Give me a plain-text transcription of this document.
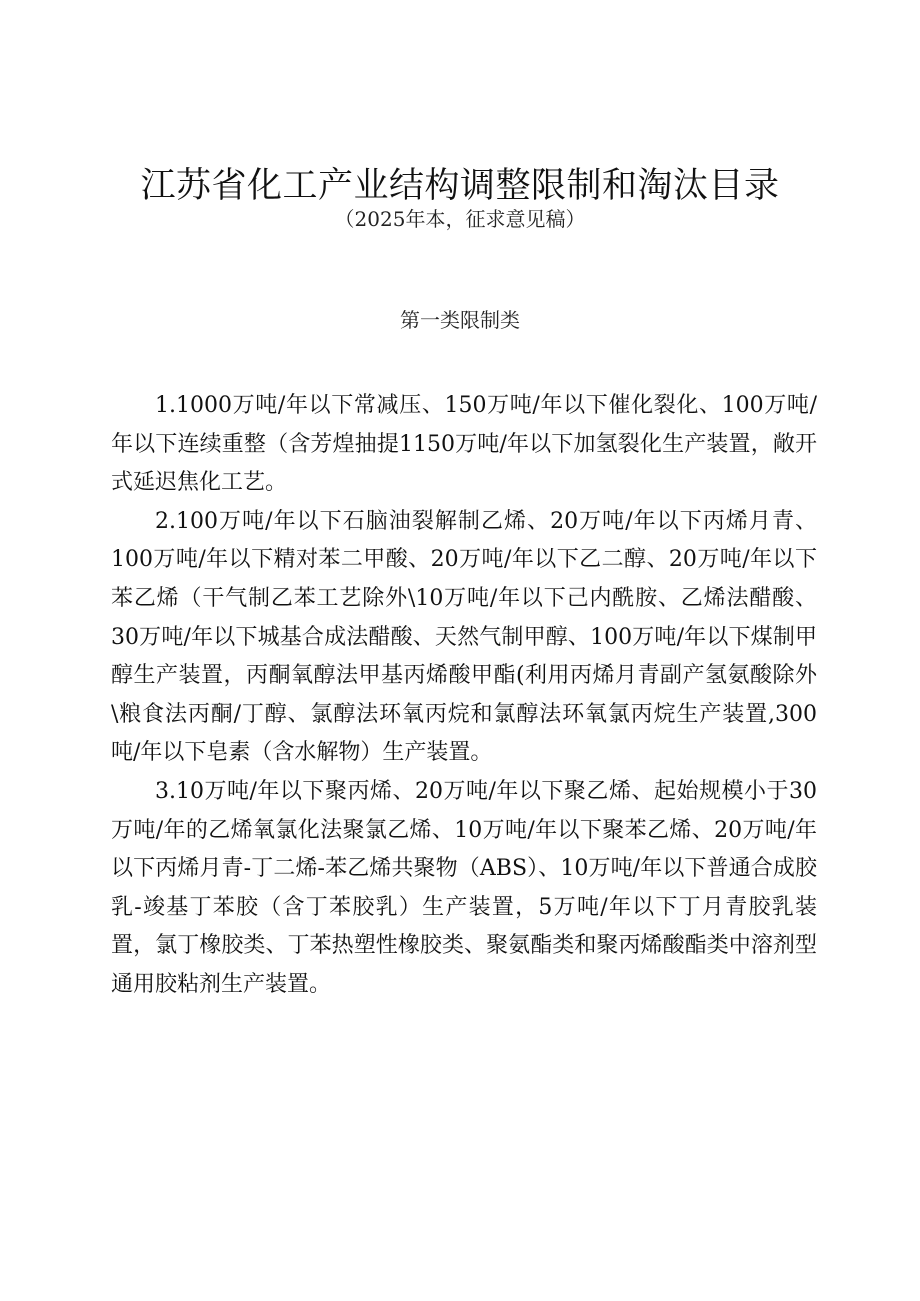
江苏省化工产业结构调整限制和淘汰目录
（2025年本，征求意见稿）
第一类限制类

1.1000万吨/年以下常减压、150万吨/年以下催化裂化、100万吨/年以下连续重整（含芳煌抽提1150万吨/年以下加氢裂化生产装置，敞开式延迟焦化工艺。

2.100万吨/年以下石脑油裂解制乙烯、20万吨/年以下丙烯月青、100万吨/年以下精对苯二甲酸、20万吨/年以下乙二醇、20万吨/年以下苯乙烯（干气制乙苯工艺除外\10万吨/年以下己内酰胺、乙烯法醋酸、30万吨/年以下城基合成法醋酸、天然气制甲醇、100万吨/年以下煤制甲醇生产装置，丙酮氧醇法甲基丙烯酸甲酯(利用丙烯月青副产氢氨酸除外\粮食法丙酮/丁醇、氯醇法环氧丙烷和氯醇法环氧氯丙烷生产装置,300吨/年以下皂素（含水解物）生产装置。

3.10万吨/年以下聚丙烯、20万吨/年以下聚乙烯、起始规模小于30万吨/年的乙烯氧氯化法聚氯乙烯、10万吨/年以下聚苯乙烯、20万吨/年以下丙烯月青-丁二烯-苯乙烯共聚物（ABS）、10万吨/年以下普通合成胶乳-竣基丁苯胶（含丁苯胶乳）生产装置，5万吨/年以下丁月青胶乳装置，氯丁橡胶类、丁苯热塑性橡胶类、聚氨酯类和聚丙烯酸酯类中溶剂型通用胶粘剂生产装置。
